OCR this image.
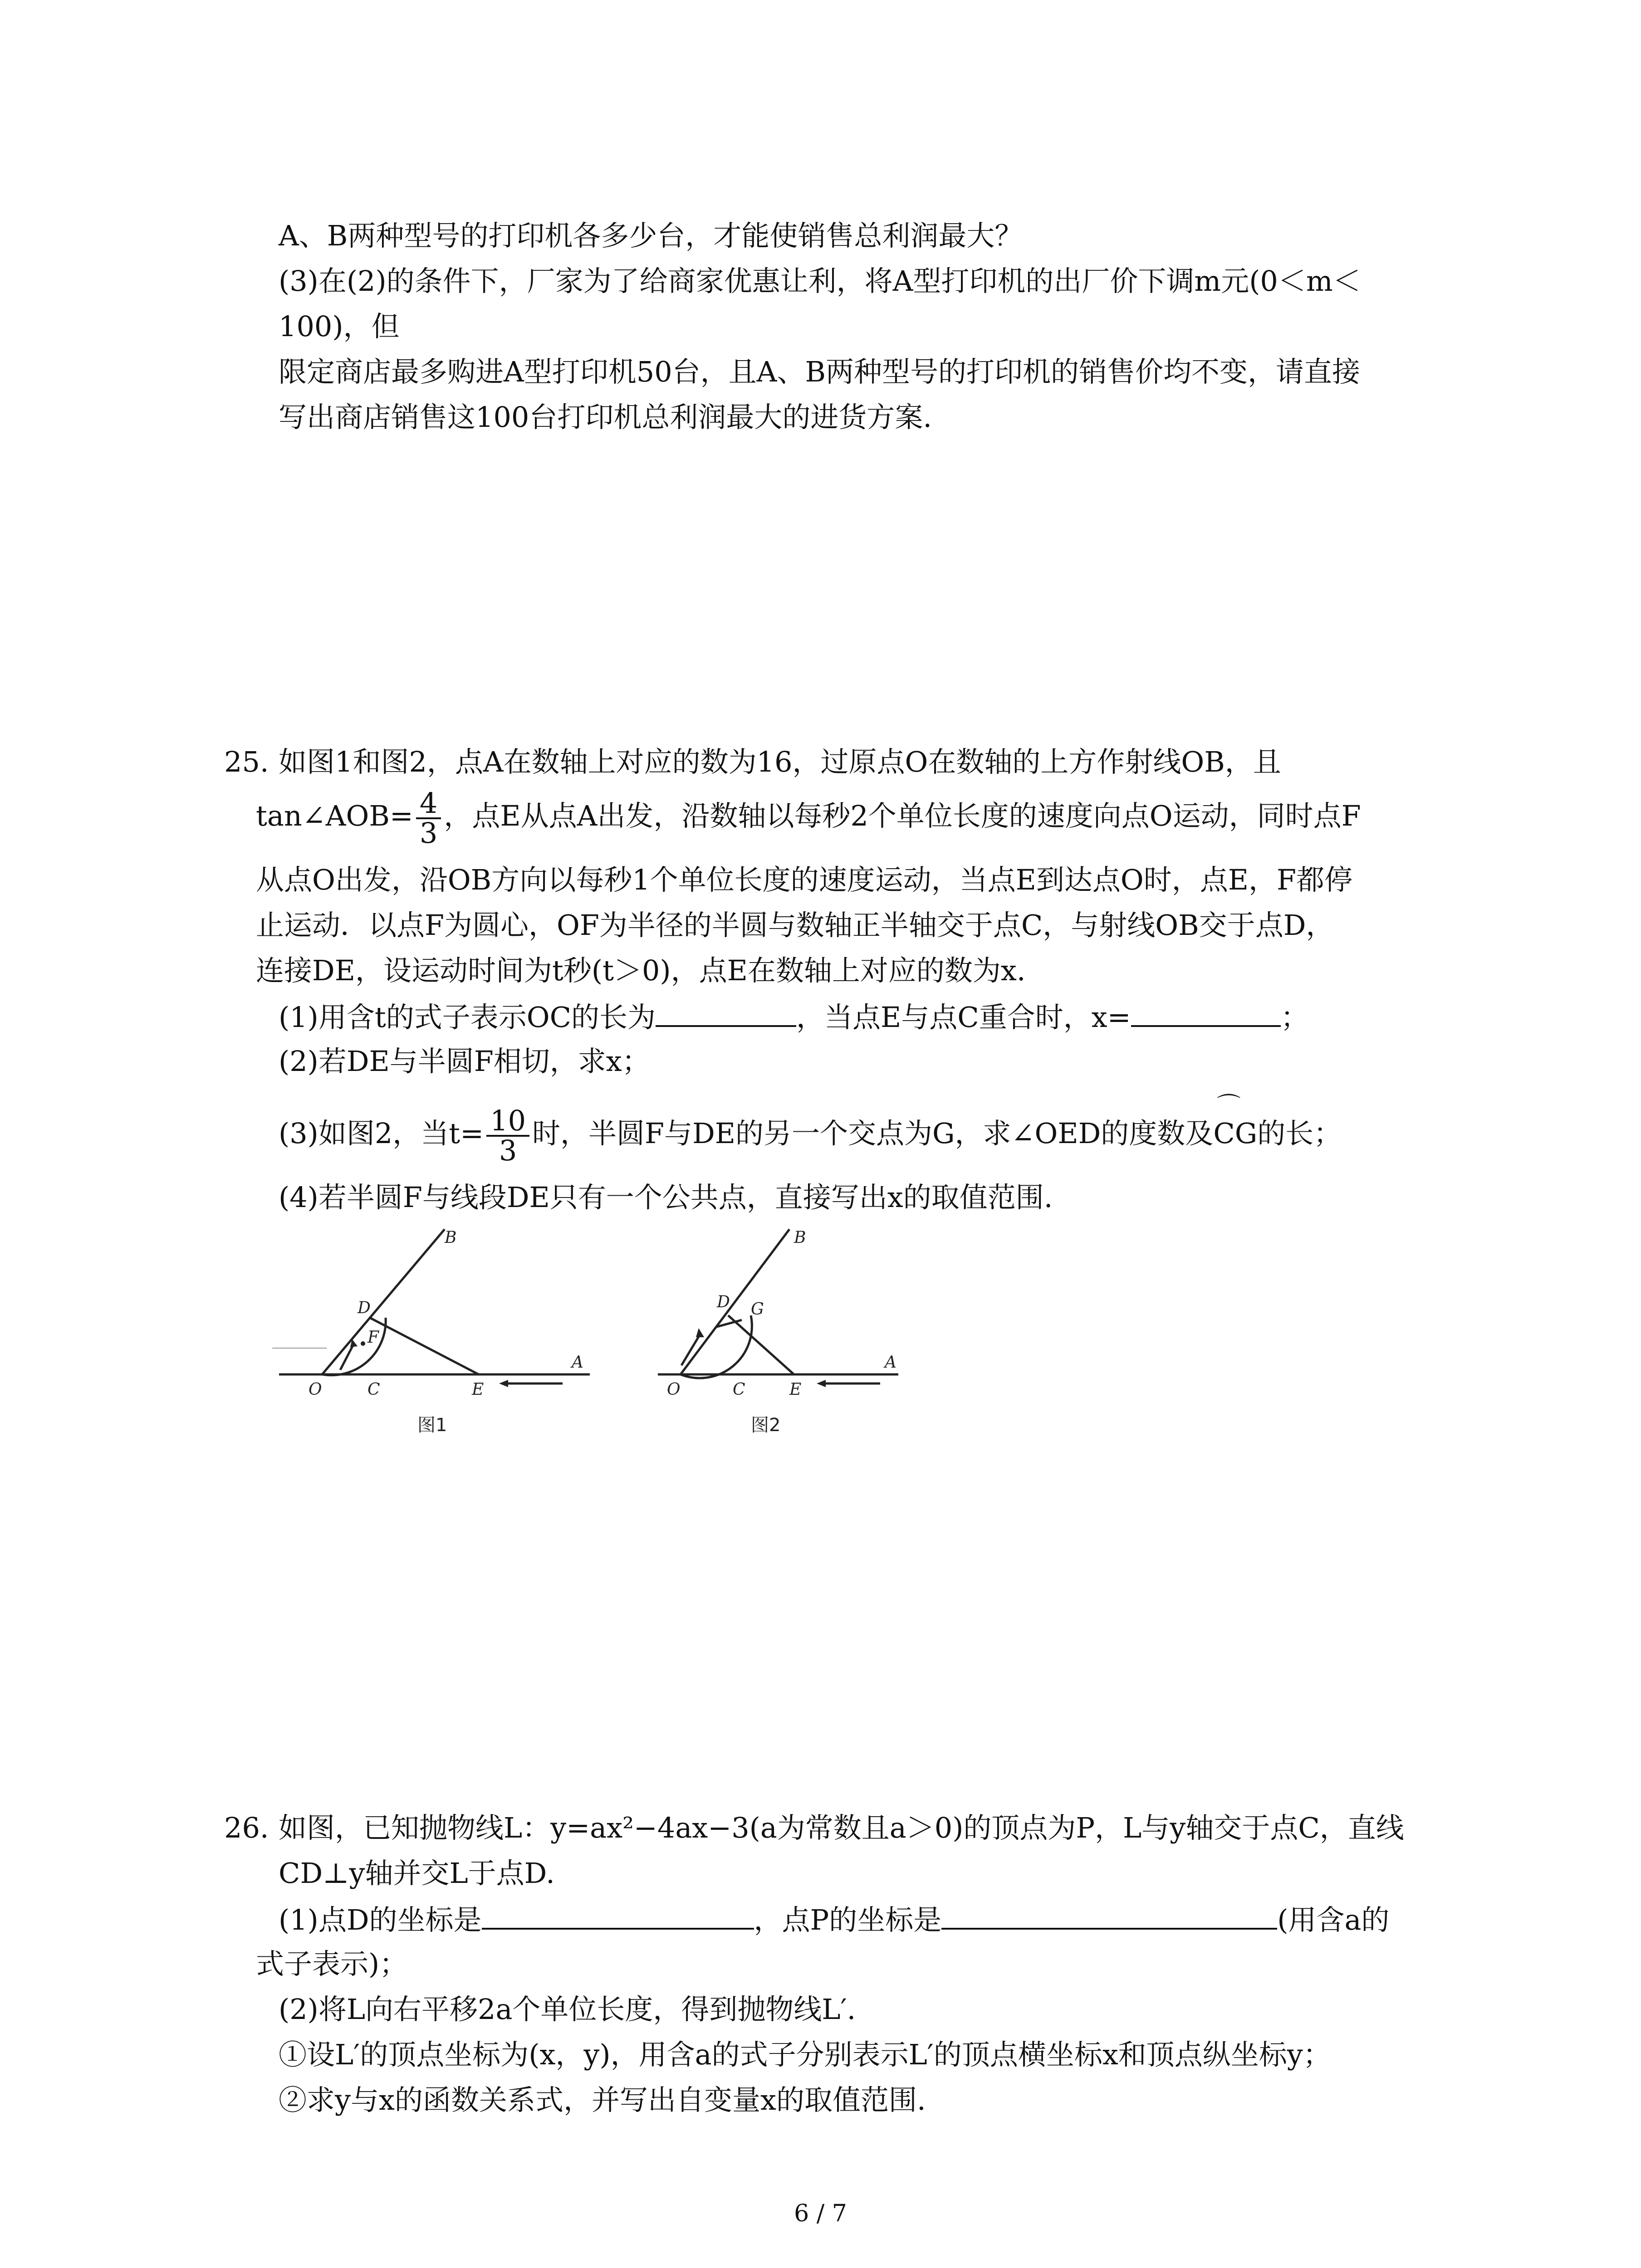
A、B两种型号的打印机各多少台，才能使销售总利润最大？
(3)在(2)的条件下，厂家为了给商家优惠让利，将A型打印机的出厂价下调m元(0＜m＜
100)，但
限定商店最多购进A型打印机50台，且A、B两种型号的打印机的销售价均不变，请直接
写出商店销售这100台打印机总利润最大的进货方案.
25. 如图1和图2，点A在数轴上对应的数为16，过原点O在数轴的上方作射线OB，且
tan∠AOB= $\frac{4}{3}$ ，点E从点A出发，沿数轴以每秒2个单位长度的速度向点O运动，同时点F
从点O出发，沿OB方向以每秒1个单位长度的速度运动，当点E到达点O时，点E，F都停
止运动．以点F为圆心，OF为半径的半圆与数轴正半轴交于点C，与射线OB交于点D，
连接DE，设运动时间为t秒(t＞0)，点E在数轴上对应的数为x.
(1)用含t的式子表示OC的长为	，当点E与点C重合时，x=	；
(2)若DE与半圆F相切，求x；
(3)如图2，当$t= \frac{10}{3}$ 时，半圆F与DE的另一个交点为G，求∠OED的度数及⌒ CG的长；
(4)若半圆F与线段DE只有一个公共点，直接写出x的取值范围.
B
D
F
O	C	E
A
图1
B
D G
O	C	E
A
图2
26. 如图，已知抛物线L：y=ax²−4ax−3(a为常数且a＞0)的顶点为P，L与y轴交于点C，直线
CD⊥y轴并交L于点D.
(1)点D的坐标是	，点P的坐标是	(用含a的
式子表示)；
(2)将L向右平移2a个单位长度，得到抛物线L′.
①设L′的顶点坐标为(x，y)，用含a的式子分别表示L′的顶点横坐标x和顶点纵坐标y；
②求y与x的函数关系式，并写出自变量x的取值范围.
6 / 7
